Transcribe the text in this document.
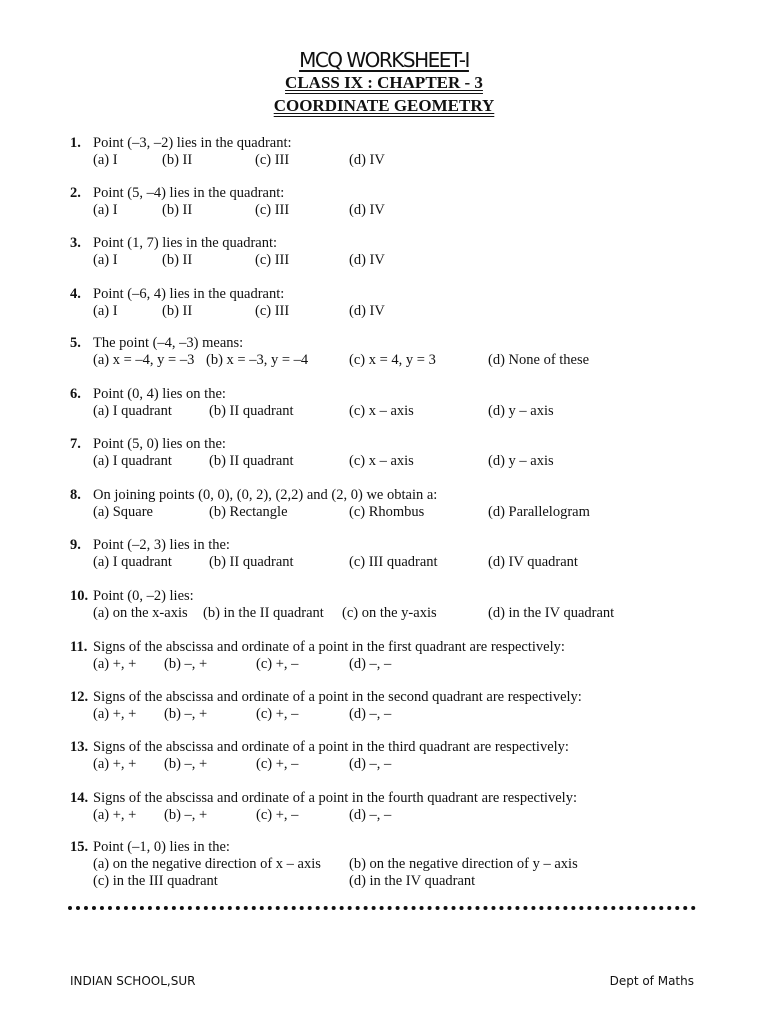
MCQ WORKSHEET-I
CLASS IX : CHAPTER - 3
COORDINATE GEOMETRY
1. Point (–3, –2) lies in the quadrant:
(a) I	(b) II	(c) III	(d) IV
2. Point (5, –4) lies in the quadrant:
(a) I	(b) II	(c) III	(d) IV
3. Point (1, 7) lies in the quadrant:
(a) I	(b) II	(c) III	(d) IV
4. Point (–6, 4) lies in the quadrant:
(a) I	(b) II	(c) III	(d) IV
5. The point (–4, –3) means:
(a) x = –4, y = –3 (b) x = –3, y = –4	(c) x = 4, y = 3	(d) None of these
6. Point (0, 4) lies on the:
(a) I quadrant	(b) II quadrant	(c) x – axis	(d) y – axis
7. Point (5, 0) lies on the:
(a) I quadrant	(b) II quadrant	(c) x – axis	(d) y – axis
8. On joining points (0, 0), (0, 2), (2,2) and (2, 0) we obtain a:
(a) Square	(b) Rectangle	(c) Rhombus	(d) Parallelogram
9. Point (–2, 3) lies in the:
(a) I quadrant	(b) II quadrant	(c) III quadrant	(d) IV quadrant
10. Point (0, –2) lies:
(a) on the x-axis (b) in the II quadrant (c) on the y-axis	(d) in the IV quadrant
11. Signs of the abscissa and ordinate of a point in the first quadrant are respectively:
(a) +, + (b) –, +	(c) +, –	(d) –, –
12. Signs of the abscissa and ordinate of a point in the second quadrant are respectively:
(a) +, + (b) –, +	(c) +, –	(d) –, –
13. Signs of the abscissa and ordinate of a point in the third quadrant are respectively:
(a) +, + (b) –, +	(c) +, –	(d) –, –
14. Signs of the abscissa and ordinate of a point in the fourth quadrant are respectively:
(a) +, + (b) –, +	(c) +, –	(d) –, –
15. Point (–1, 0) lies in the:
(a) on the negative direction of x – axis (b) on the negative direction of y – axis
(c) in the III quadrant	(d) in the IV quadrant
INDIAN SCHOOL,SUR	Dept of Maths
